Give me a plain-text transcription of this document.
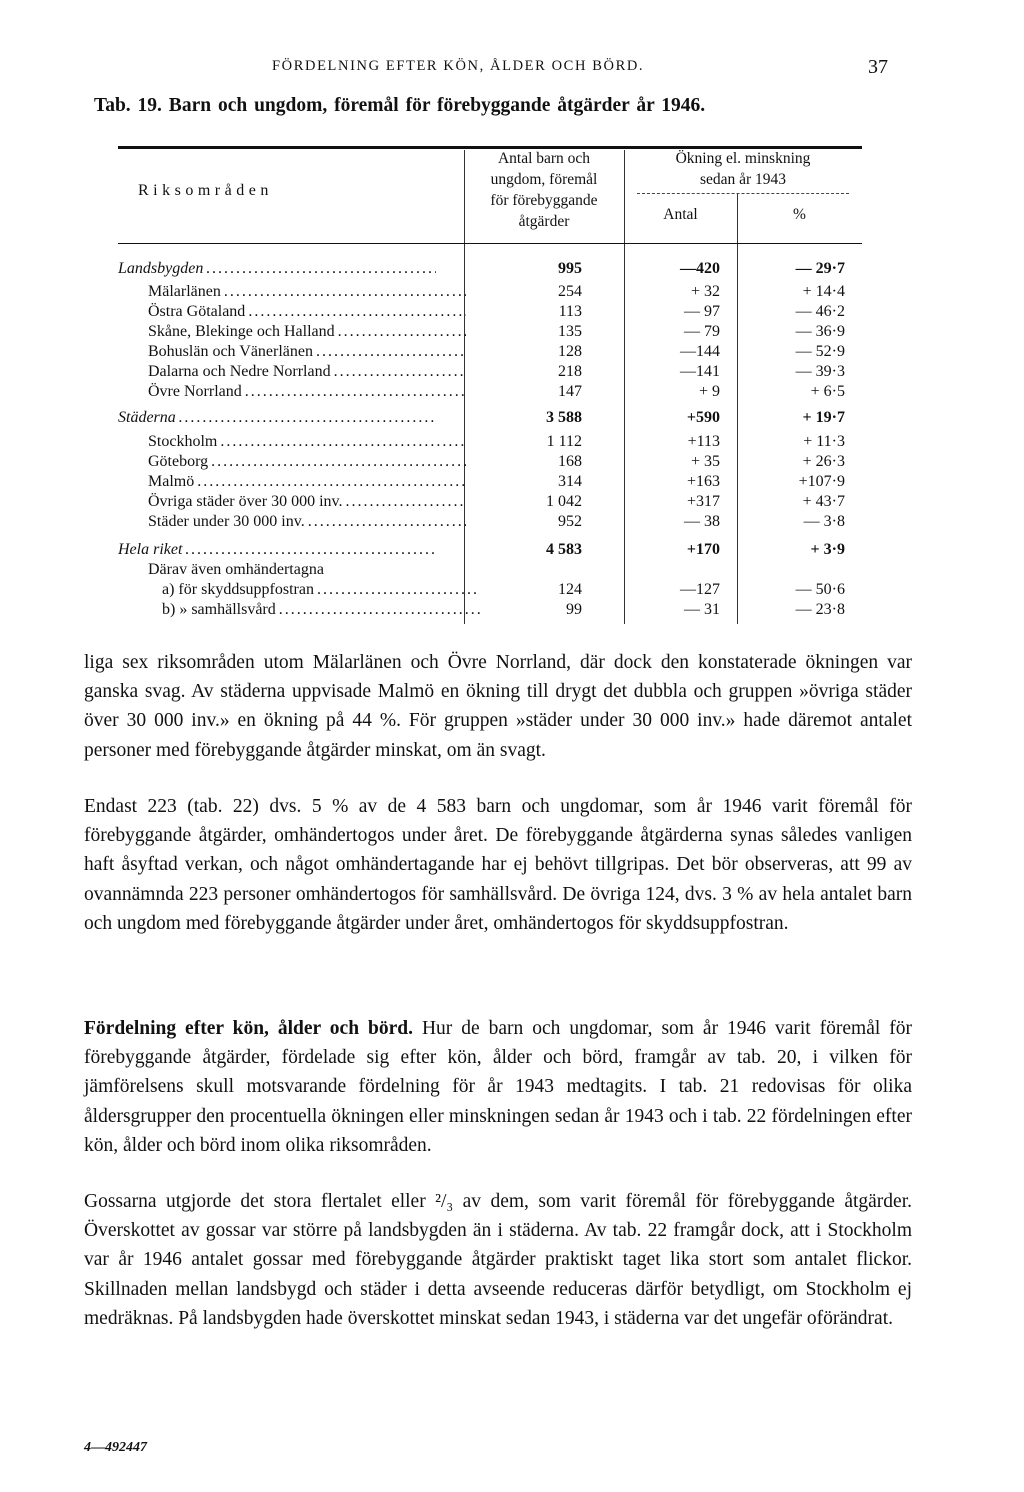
FÖRDELNING EFTER KÖN, ÅLDER OCH BÖRD.	37
Tab. 19. Barn och ungdom, föremål för förebyggande åtgärder år 1946.
Riksområden
Antal barn och
ungdom, föremål
för förebyggande
åtgärder
Ökning el. minskning
sedan år 1943
Antal	%
Landsbygden . . .	995	—420	— 29·7
Mälarlänen . . .	254	+ 32	+ 14·4
Östra Götaland . . .	113	— 97	— 46·2
Skåne, Blekinge och Halland . . .	135	— 79	— 36·9
Bohuslän och Vänerlänen . . .	128	—144	— 52·9
Dalarna och Nedre Norrland . . .	218	—141	— 39·3
Övre Norrland . . .	147	+ 9	+ 6·5
Städerna . . .	3 588	+590	+ 19·7
Stockholm . . .	1 112	+113	+ 11·3
Göteborg . . .	168	+ 35	+ 26·3
Malmö . . .	314	+163	+107·9
Övriga städer över 30 000 inv. . . .	1 042	+317	+ 43·7
Städer under 30 000 inv. . . .	952	— 38	— 3·8
Hela riket . . .	4 583	+170	+ 3·9
Därav även omhändertagna
a) för skyddsuppfostran . . .	124	—127	— 50·6
b) » samhällsvård . . .	99	— 31	— 23·8

liga sex riksområden utom Mälarlänen och Övre Norrland, där dock den konstaterade ökningen var ganska svag. Av städerna uppvisade Malmö en ökning till drygt det dubbla och gruppen »övriga städer över 30 000 inv.» en ökning på 44 %. För gruppen »städer under 30 000 inv.» hade däremot antalet personer med förebyggande åtgärder minskat, om än svagt.

Endast 223 (tab. 22) dvs. 5 % av de 4 583 barn och ungdomar, som år 1946 varit föremål för förebyggande åtgärder, omhändertogos under året. De förebyggande åtgärderna synas således vanligen haft åsyftad verkan, och något omhändertagande har ej behövt tillgripas. Det bör observeras, att 99 av ovannämnda 223 personer omhändertogos för samhällsvård. De övriga 124, dvs. 3 % av hela antalet barn och ungdom med förebyggande åtgärder under året, omhändertogos för skyddsuppfostran.

Fördelning efter kön, ålder och börd. Hur de barn och ungdomar, som år 1946 varit föremål för förebyggande åtgärder, fördelade sig efter kön, ålder och börd, framgår av tab. 20, i vilken för jämförelsens skull motsvarande fördelning för år 1943 medtagits. I tab. 21 redovisas för olika åldersgrupper den procentuella ökningen eller minskningen sedan år 1943 och i tab. 22 fördelningen efter kön, ålder och börd inom olika riksområden.

Gossarna utgjorde det stora flertalet eller ²/₃ av dem, som varit föremål för förebyggande åtgärder. Överskottet av gossar var större på landsbygden än i städerna. Av tab. 22 framgår dock, att i Stockholm var år 1946 antalet gossar med förebyggande åtgärder praktiskt taget lika stort som antalet flickor. Skillnaden mellan landsbygd och städer i detta avseende reduceras därför betydligt, om Stockholm ej medräknas. På landsbygden hade överskottet minskat sedan 1943, i städerna var det ungefär oförändrat.

4—492447
